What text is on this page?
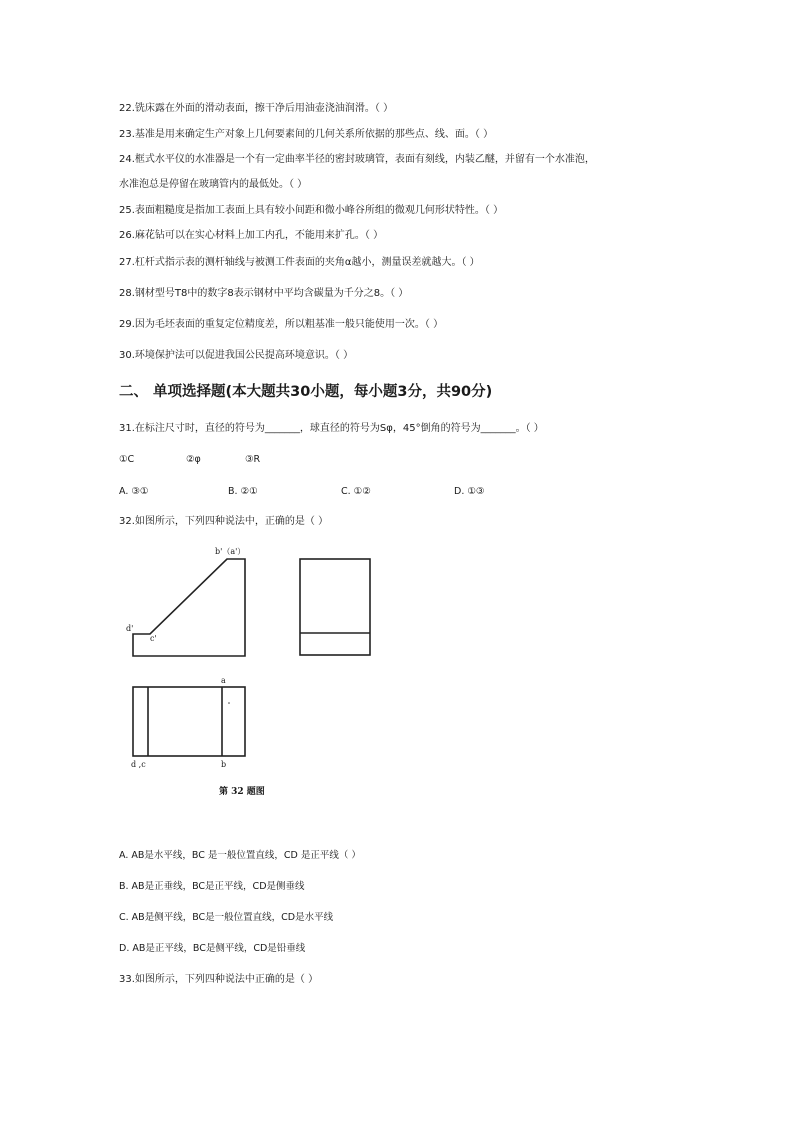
22.铣床露在外面的滑动表面，擦干净后用油壶浇油润滑。（ ）
23.基准是用来确定生产对象上几何要素间的几何关系所依据的那些点、线、面。（ ）
24.框式水平仪的水准器是一个有一定曲率半径的密封玻璃管，表面有刻线，内装乙醚，并留有一个水准泡，
水准泡总是停留在玻璃管内的最低处。（ ）
25.表面粗糙度是指加工表面上具有较小间距和微小峰谷所组的微观几何形状特性。（ ）
26.麻花钻可以在实心材料上加工内孔，不能用来扩孔。（ ）
27.杠杆式指示表的测杆轴线与被测工件表面的夹角α越小，测量误差就越大。（ ）
28.钢材型号T8中的数字8表示钢材中平均含碳量为千分之8。（ ）
29.因为毛坯表面的重复定位精度差，所以粗基准一般只能使用一次。（ ）
30.环境保护法可以促进我国公民提高环境意识。（ ）
二、 单项选择题(本大题共30小题，每小题3分，共90分)
31.在标注尺寸时，直径的符号为_______，球直径的符号为Sφ，45°倒角的符号为_______。（ ）
①C	②φ	③R
A. ③①	B. ②①	C. ①②	D. ①③
32.如图所示，下列四种说法中，正确的是（ ）
b'（a'）
d'
c'
a
d ,c	b
第 32 题图
A. AB是水平线，BC 是一般位置直线，CD 是正平线（ ）
B. AB是正垂线，BC是正平线，CD是侧垂线
C. AB是侧平线，BC是一般位置直线，CD是水平线
D. AB是正平线，BC是侧平线，CD是铅垂线
33.如图所示，下列四种说法中正确的是（ ）
